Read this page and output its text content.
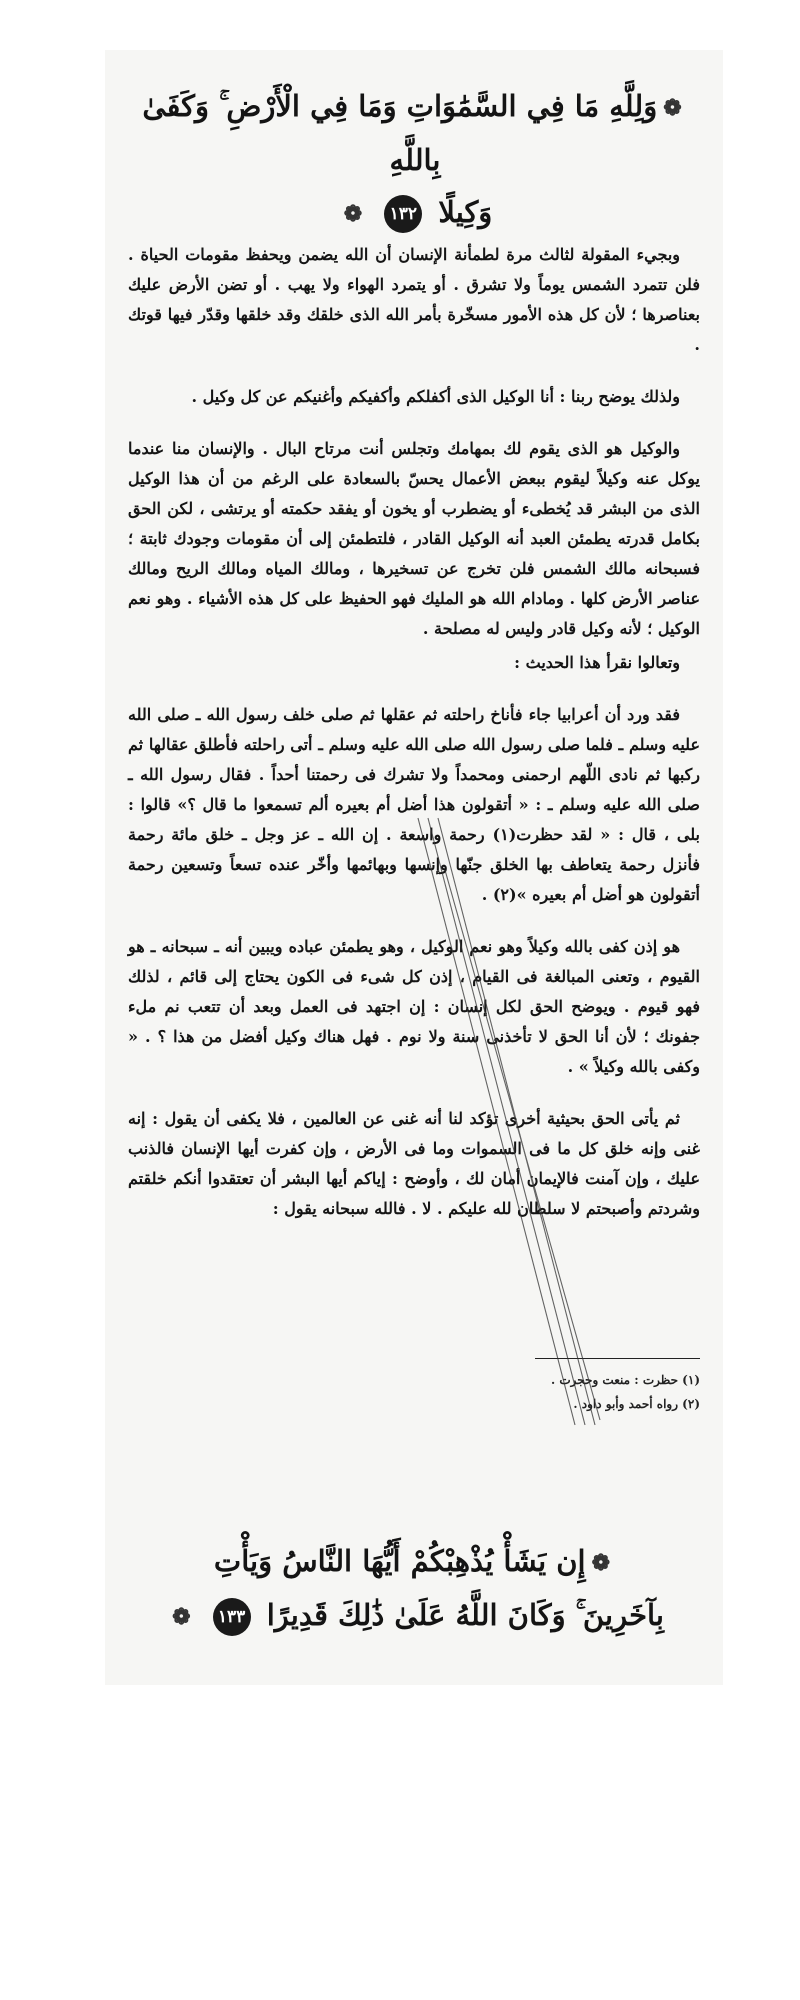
❁وَلِلَّهِ مَا فِي السَّمَٰوَاتِ وَمَا فِي الْأَرْضِ ۚ وَكَفَىٰ بِاللَّهِ
وَكِيلًا ١٣٢ ❁

وبجيء المقولة لثالث مرة لطمأنة الإنسان أن الله يضمن ويحفظ مقومات الحياة . فلن تتمرد الشمس يوماً ولا تشرق . أو يتمرد الهواء ولا يهب . أو تضن الأرض عليك بعناصرها ؛ لأن كل هذه الأمور مسخّرة بأمر الله الذى خلقك وقد خلقها وقدّر فيها قوتك .

ولذلك يوضح ربنا : أنا الوكيل الذى أكفلكم وأكفيكم وأغنيكم عن كل وكيل .

والوكيل هو الذى يقوم لك بمهامك وتجلس أنت مرتاح البال . والإنسان منا عندما يوكل عنه وكيلاً ليقوم ببعض الأعمال يحسّ بالسعادة على الرغم من أن هذا الوكيل الذى من البشر قد يُخطىء أو يضطرب أو يخون أو يفقد حكمته أو يرتشى ، لكن الحق بكامل قدرته يطمئن العبد أنه الوكيل القادر ، فلتطمئن إلى أن مقومات وجودك ثابتة ؛ فسبحانه مالك الشمس فلن تخرج عن تسخيرها ، ومالك المياه ومالك الريح ومالك عناصر الأرض كلها . ومادام الله هو المليك فهو الحفيظ على كل هذه الأشياء . وهو نعم الوكيل ؛ لأنه وكيل قادر وليس له مصلحة .

وتعالوا نقرأ هذا الحديث :

فقد ورد أن أعرابيا جاء فأناخ راحلته ثم عقلها ثم صلى خلف رسول الله ـ صلى الله عليه وسلم ـ فلما صلى رسول الله صلى الله عليه وسلم ـ أتى راحلته فأطلق عقالها ثم ركبها ثم نادى اللّهم ارحمنى ومحمداً ولا تشرك فى رحمتنا أحداً . فقال رسول الله ـ صلى الله عليه وسلم ـ : « أتقولون هذا أضل أم بعيره ألم تسمعوا ما قال ؟» قالوا : بلى ، قال : « لقد حظرت(١) رحمة واسعة . إن الله ـ عز وجل ـ خلق مائة رحمة فأنزل رحمة يتعاطف بها الخلق جنّها وإنسها وبهائمها وأخّر عنده تسعاً وتسعين رحمة أتقولون هو أضل أم بعيره »(٢) .

هو إذن كفى بالله وكيلاً وهو نعم الوكيل ، وهو يطمئن عباده ويبين أنه ـ سبحانه ـ هو القيوم ، وتعنى المبالغة فى القيام ، إذن كل شىء فى الكون يحتاج إلى قائم ، لذلك فهو قيوم . ويوضح الحق لكل إنسان : إن اجتهد فى العمل وبعد أن تتعب نم ملء جفونك ؛ لأن أنا الحق لا تأخذنى سنة ولا نوم . فهل هناك وكيل أفضل من هذا ؟ . « وكفى بالله وكيلاً » .

ثم يأتى الحق بحيثية أخرى تؤكد لنا أنه غنى عن العالمين ، فلا يكفى أن يقول : إنه غنى وإنه خلق كل ما فى السموات وما فى الأرض ، وإن كفرت أيها الإنسان فالذنب عليك ، وإن آمنت فالإيمان أمان لك ، وأوضح : إياكم أيها البشر أن تعتقدوا أنكم خلقتم وشردتم وأصبحتم لا سلطان لله عليكم . لا . فالله سبحانه يقول :

(١) حظرت : منعت وحجرت .
(٢) رواه أحمد وأبو داود .
❁إِن يَشَأْ يُذْهِبْكُمْ أَيُّهَا النَّاسُ وَيَأْتِ
بِآخَرِينَ ۚ وَكَانَ اللَّهُ عَلَىٰ ذَٰلِكَ قَدِيرًا ١٣٣ ❁
